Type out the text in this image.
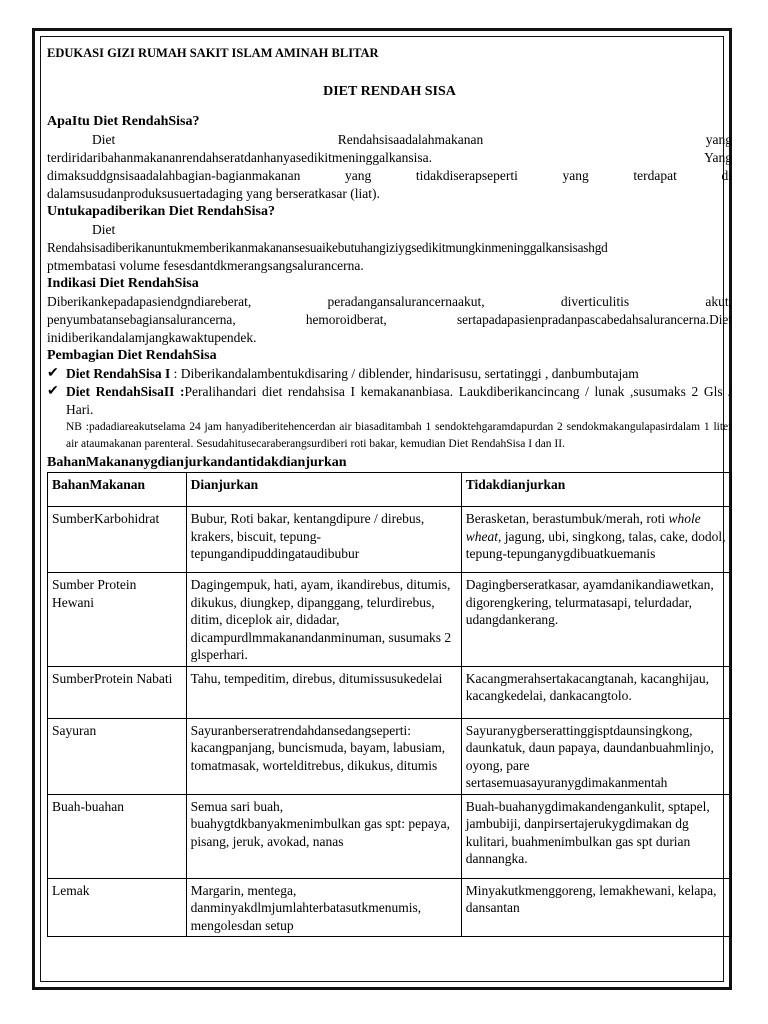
EDUKASI GIZI RUMAH SAKIT ISLAM AMINAH BLITAR
DIET RENDAH SISA
ApaItu Diet RendahSisa?
Diet	Rendahsisaadalahmakanan	yang
terdiridaribahanmakananrendahseratdanhanyasedikitmeninggalkansisa.	Yang
dimaksuddgnsisaadalahbagian-bagianmakanan yang tidakdiserapseperti yang terdapat di
dalamsusudanproduksusuertadaging yang berseratkasar (liat).
Untukapadiberikan Diet RendahSisa?
Diet
Rendahsisadiberikanuntukmemberikanmakanansesuaikebutuhangiziygsedikitmungkinmeninggalkansisashgd
ptmembatasi volume fesesdantdkmerangsangsalurancerna.
Indikasi Diet RendahSisa
Diberikankepadapasiendgndiareberat, peradangansalurancernaakut, diverticulitis akut,
penyumbatansebagiansalurancerna, hemoroidberat, sertapadapasienpradanpascabedahsalurancerna.Diet
inidiberikandalamjangkawaktupendek.
Pembagian Diet RendahSisa
✔ Diet RendahSisa I : Diberikandalambentukdisaring / diblender, hindarisusu, sertatinggi , danbumbutajam
✔ Diet RendahSisaII :Peralihandari diet rendahsisa I kemakananbiasa. Laukdiberikancincang / lunak ,susumaks 2 Gls / Hari.
NB :padadiareakutselama 24 jam hanyadiberitehencerdan air biasaditambah 1 sendoktehgaramdapurdan 2 sendokmakangulapasirdalam 1 liter air ataumakanan parenteral. Sesudahitusecaraberangsurdiberi roti bakar, kemudian Diet RendahSisa I dan II.
BahanMakananygdianjurkandantidakdianjurkan
BahanMakanan	Dianjurkan	Tidakdianjurkan
SumberKarbohidrat	Bubur, Roti bakar, kentangdipure / direbus, krakers, biscuit, tepung-tepungandipuddingataudibubur	Berasketan, berastumbuk/merah, roti whole wheat, jagung, ubi, singkong, talas, cake, dodol, tepung-tepunganygdibuatkuemanis
Sumber Protein Hewani	Dagingempuk, hati, ayam, ikandirebus, ditumis, dikukus, diungkep, dipanggang, telurdirebus, ditim, diceplok air, didadar, dicampurdlmmakanandanminuman, susumaks 2 glsperhari.	Dagingberseratkasar, ayamdanikandiawetkan, digorengkering, telurmatasapi, telurdadar, udangdankerang.
SumberProtein Nabati	Tahu, tempeditim, direbus, ditumissusukedelai	Kacangmerahsertakacangtanah, kacanghijau, kacangkedelai, dankacangtolo.
Sayuran	Sayuranberseratrendahdansedangseperti: kacangpanjang, buncismuda, bayam, labusiam, tomatmasak, wortelditrebus, dikukus, ditumis	Sayuranygberserattinggisptdaunsingkong, daunkatuk, daun papaya, daundanbuahmlinjo, oyong, pare sertasemuasayuranygdimakanmentah
Buah-buahan	Semua sari buah, buahygtdkbanyakmenimbulkan gas spt: pepaya, pisang, jeruk, avokad, nanas	Buah-buahanygdimakandengankulit, sptapel, jambubiji, danpirsertajerukygdimakan dg kulitari, buahmenimbulkan gas spt durian dannangka.
Lemak	Margarin, mentega, danminyakdlmjumlahterbatasutkmenumis, mengolesdan setup	Minyakutkmenggoreng, lemakhewani, kelapa, dansantan
